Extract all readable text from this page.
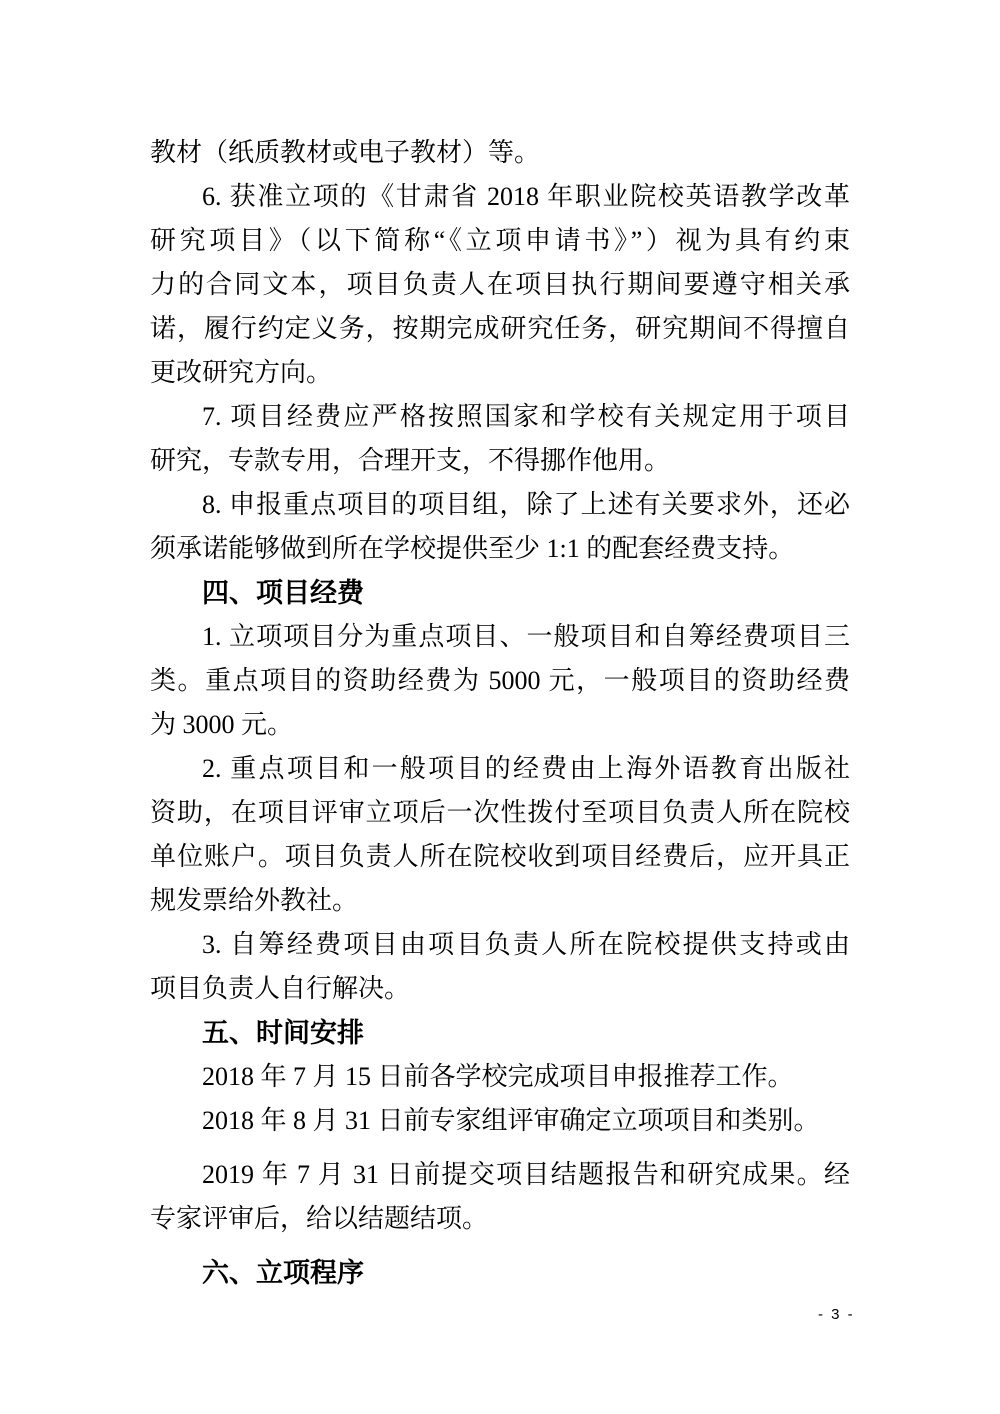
教材（纸质教材或电子教材）等。
6. 获准立项的《甘肃省 2018 年职业院校英语教学改革
研究项目》（以下简称“《立项申请书》”）视为具有约束
力的合同文本，项目负责人在项目执行期间要遵守相关承
诺，履行约定义务，按期完成研究任务，研究期间不得擅自
更改研究方向。
7. 项目经费应严格按照国家和学校有关规定用于项目
研究，专款专用，合理开支，不得挪作他用。
8. 申报重点项目的项目组，除了上述有关要求外，还必
须承诺能够做到所在学校提供至少 1:1 的配套经费支持。
四、项目经费
1. 立项项目分为重点项目、一般项目和自筹经费项目三
类。重点项目的资助经费为 5000 元，一般项目的资助经费
为 3000 元。
2. 重点项目和一般项目的经费由上海外语教育出版社
资助，在项目评审立项后一次性拨付至项目负责人所在院校
单位账户。项目负责人所在院校收到项目经费后，应开具正
规发票给外教社。
3. 自筹经费项目由项目负责人所在院校提供支持或由
项目负责人自行解决。
五、时间安排
2018 年 7 月 15 日前各学校完成项目申报推荐工作。
2018 年 8 月 31 日前专家组评审确定立项项目和类别。
2019 年 7 月 31 日前提交项目结题报告和研究成果。经
专家评审后，给以结题结项。
六、立项程序
- 3 -
